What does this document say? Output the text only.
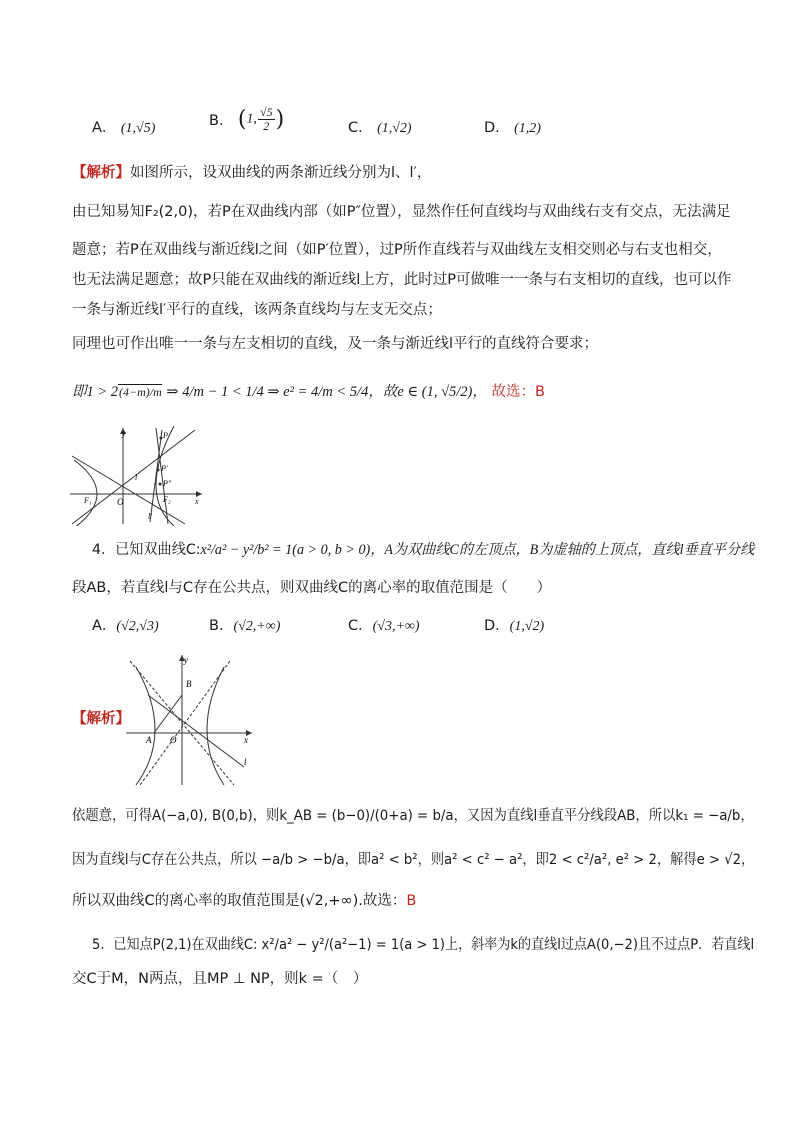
A． (1,√5)	B． (1, $\frac{√5}{2}$ )	C． (1,√2)	D． (1,2)
【解析】如图所示，设双曲线的两条渐近线分别为l、l′，
由已知易知F₂(2,0)，若P在双曲线内部（如P″位置），显然作任何直线均与双曲线右支有交点，无法满足
题意；若P在双曲线与渐近线l之间（如P′位置），过P所作直线若与双曲线左支相交则必与右支也相交，
也无法满足题意；故P只能在双曲线的渐近线l上方，此时过P可做唯一一条与右支相切的直线，也可以作
一条与渐近线l′平行的直线，该两条直线均与左支无交点；
同理也可作出唯一一条与左支相切的直线，及一条与渐近线l平行的直线符合要求；
即1 > 2(4−m)/m ⇒ 4/m − 1 < 1/4 ⇒ e² = 4/m < 5/4，故e ∈ (1, √5/2)， 故选：B
y
x
O
P
P′
P″
F₁	F₂
l
l′
4．已知双曲线C:x²/a² − y²/b² = 1(a > 0, b > 0)，A为双曲线C的左顶点，B为虚轴的上顶点，直线l垂直平分线
段AB，若直线l与C存在公共点，则双曲线C的离心率的取值范围是（　　）
A．(√2,√3)	B．(√2,+∞)	C．(√3,+∞)	D．(1,√2)
【解析】
B
y
x
A O
l
依题意，可得A(−a,0), B(0,b)，则k_AB = (b−0)/(0+a) = b/a，又因为直线l垂直平分线段AB，所以k₁ = −a/b，
因为直线l与C存在公共点，所以 −a/b > −b/a，即a² < b²，则a² < c² − a²，即2 < c²/a², e² > 2，解得e > √2，
所以双曲线C的离心率的取值范围是(√2,+∞).故选：B
5．已知点P(2,1)在双曲线C: x²/a² − y²/(a²−1) = 1(a > 1)上，斜率为k的直线l过点A(0,−2)且不过点P．若直线l
交C于M，N两点，且MP ⊥ NP，则k =（　）
